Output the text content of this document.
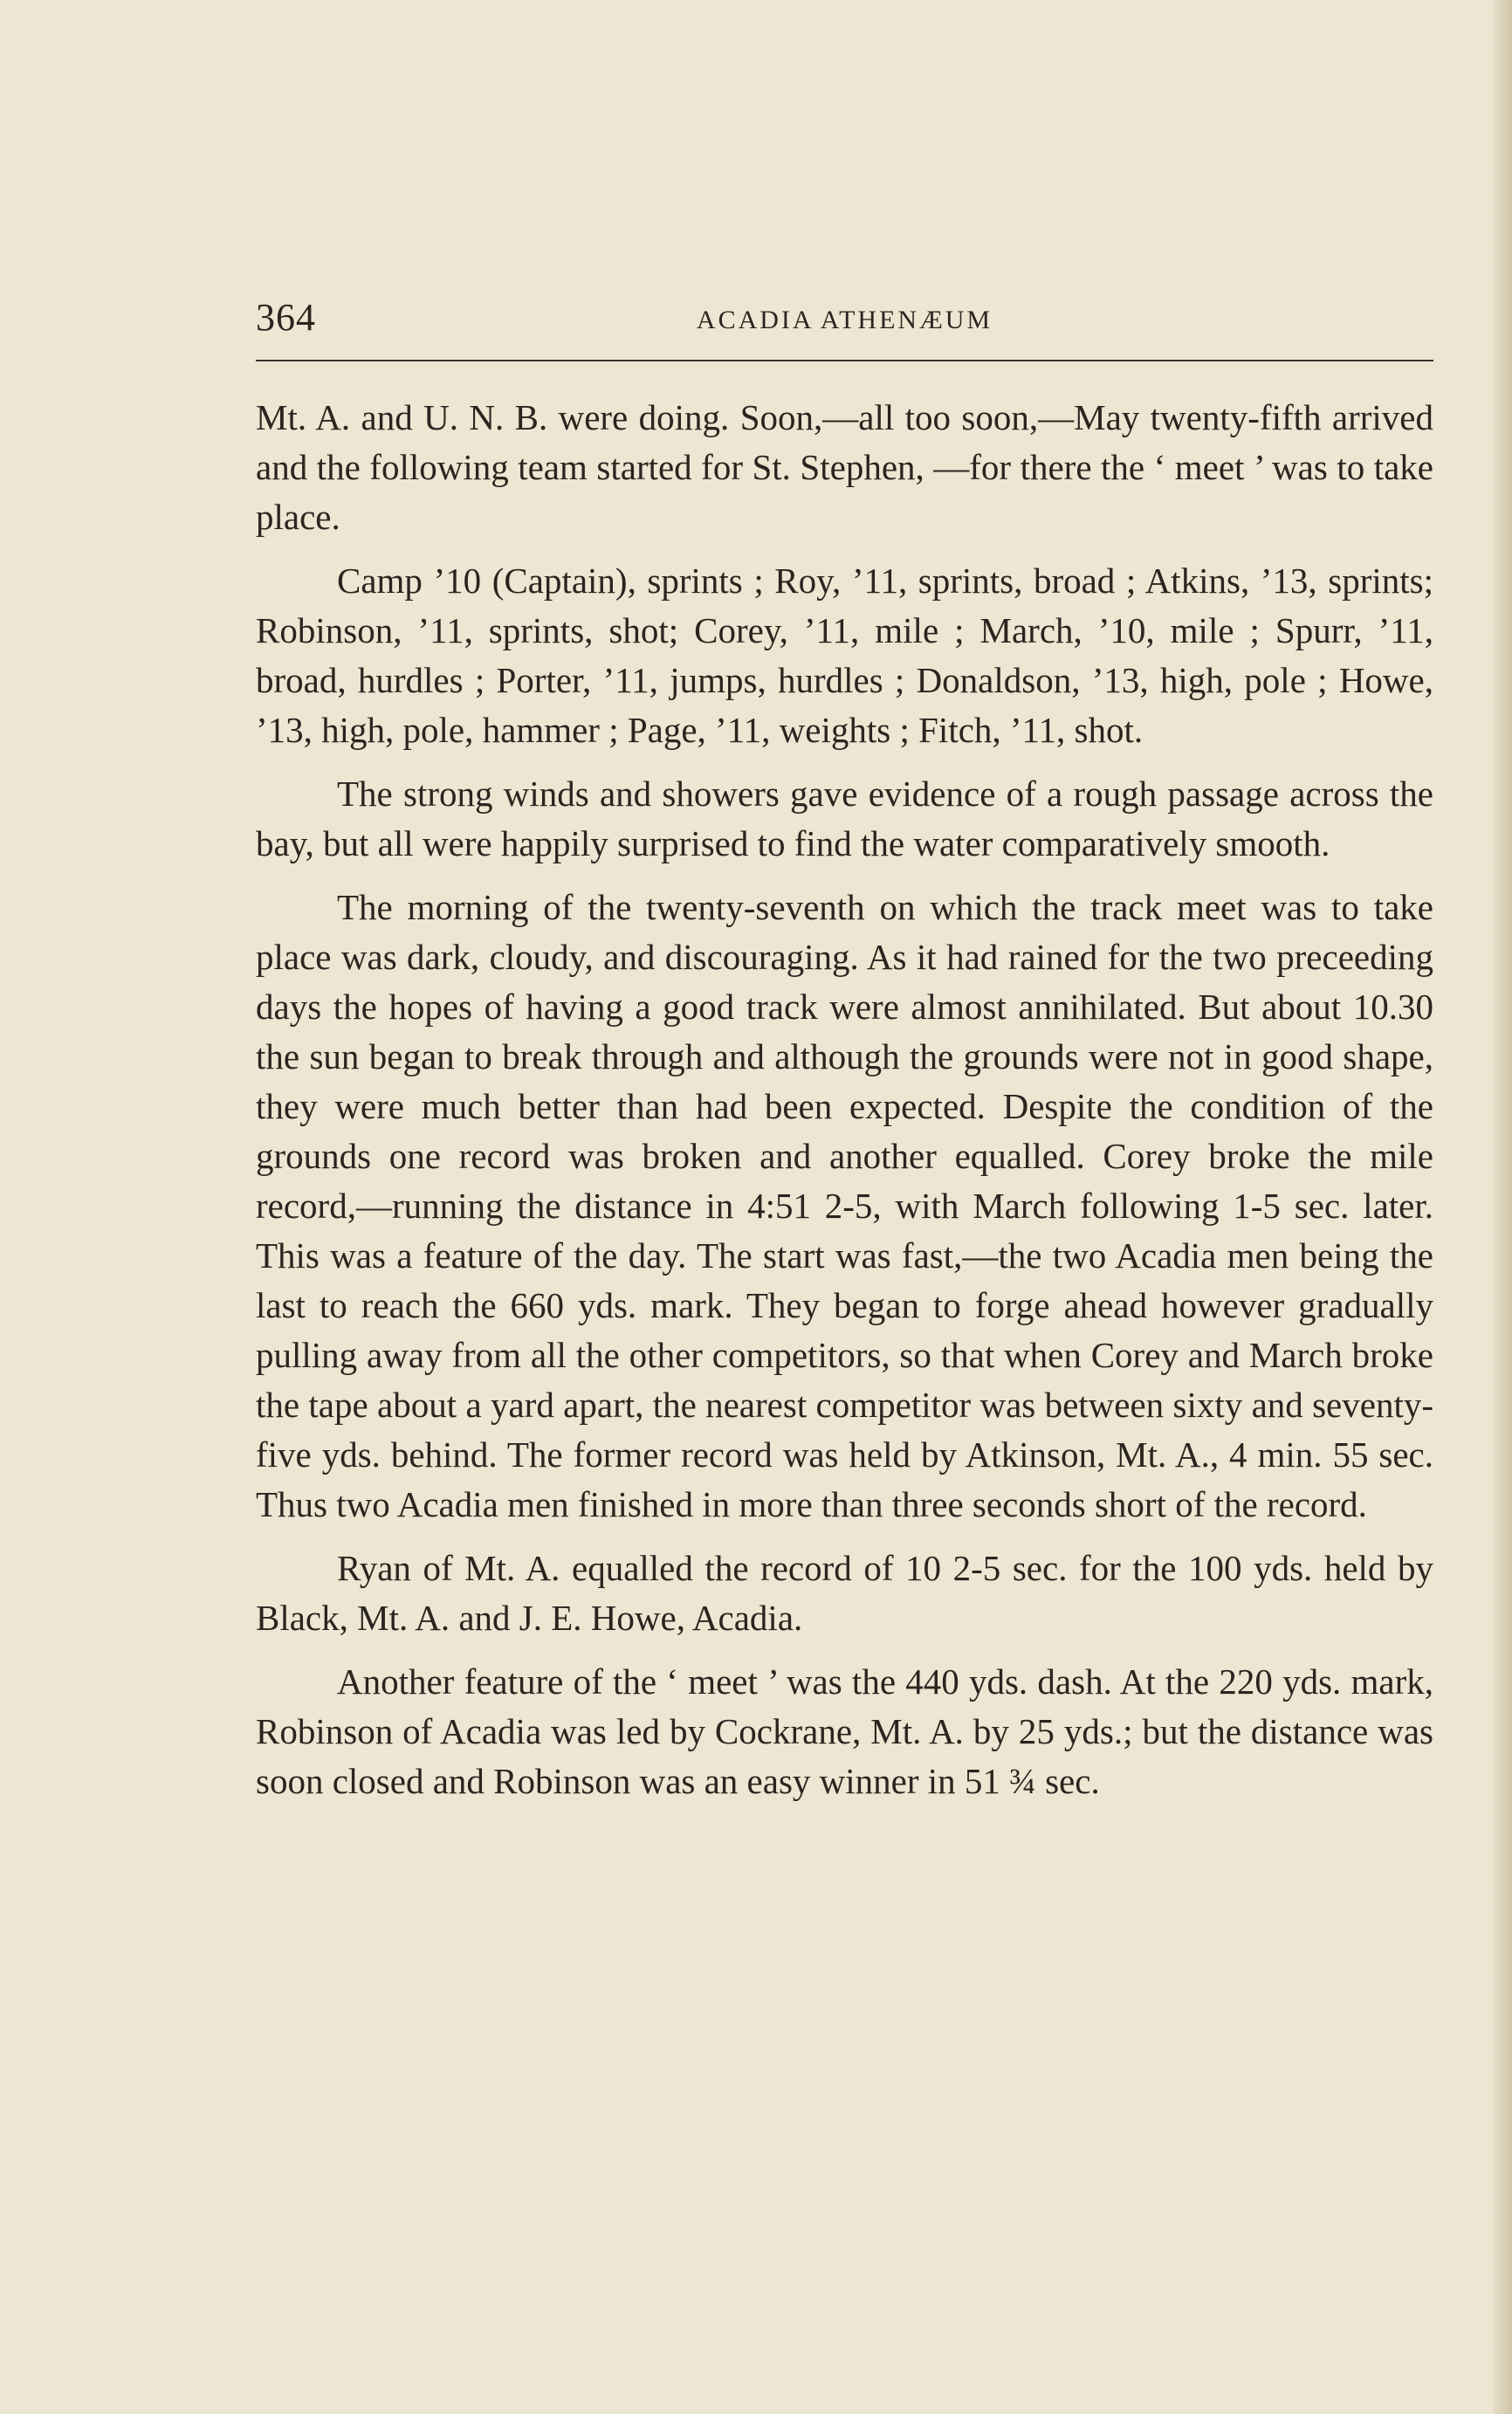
364	ACADIA ATHENÆUM

Mt. A. and U. N. B. were doing. Soon,—all too soon,—May twenty-fifth arrived and the following team started for St. Stephen, —for there the ‘ meet ’ was to take place.

Camp ’10 (Captain), sprints ; Roy, ’11, sprints, broad ; Atkins, ’13, sprints; Robinson, ’11, sprints, shot; Corey, ’11, mile ; March, ’10, mile ; Spurr, ’11, broad, hurdles ; Porter, ’11, jumps, hurdles ; Donaldson, ’13, high, pole ; Howe, ’13, high, pole, hammer ; Page, ’11, weights ; Fitch, ’11, shot.

The strong winds and showers gave evidence of a rough passage across the bay, but all were happily surprised to find the water comparatively smooth.

The morning of the twenty-seventh on which the track meet was to take place was dark, cloudy, and discouraging. As it had rained for the two preceeding days the hopes of having a good track were almost annihilated. But about 10.30 the sun began to break through and although the grounds were not in good shape, they were much better than had been expected. Despite the condition of the grounds one record was broken and another equalled. Corey broke the mile record,—running the distance in 4:51 2-5, with March following 1-5 sec. later. This was a feature of the day. The start was fast,—the two Acadia men being the last to reach the 660 yds. mark. They began to forge ahead however gradually pulling away from all the other competitors, so that when Corey and March broke the tape about a yard apart, the nearest competitor was between sixty and seventy-five yds. behind. The former record was held by Atkinson, Mt. A., 4 min. 55 sec. Thus two Acadia men finished in more than three seconds short of the record.

Ryan of Mt. A. equalled the record of 10 2-5 sec. for the 100 yds. held by Black, Mt. A. and J. E. Howe, Acadia.

Another feature of the ‘ meet ’ was the 440 yds. dash. At the 220 yds. mark, Robinson of Acadia was led by Cockrane, Mt. A. by 25 yds.; but the distance was soon closed and Robinson was an easy winner in 51 ¾ sec.
